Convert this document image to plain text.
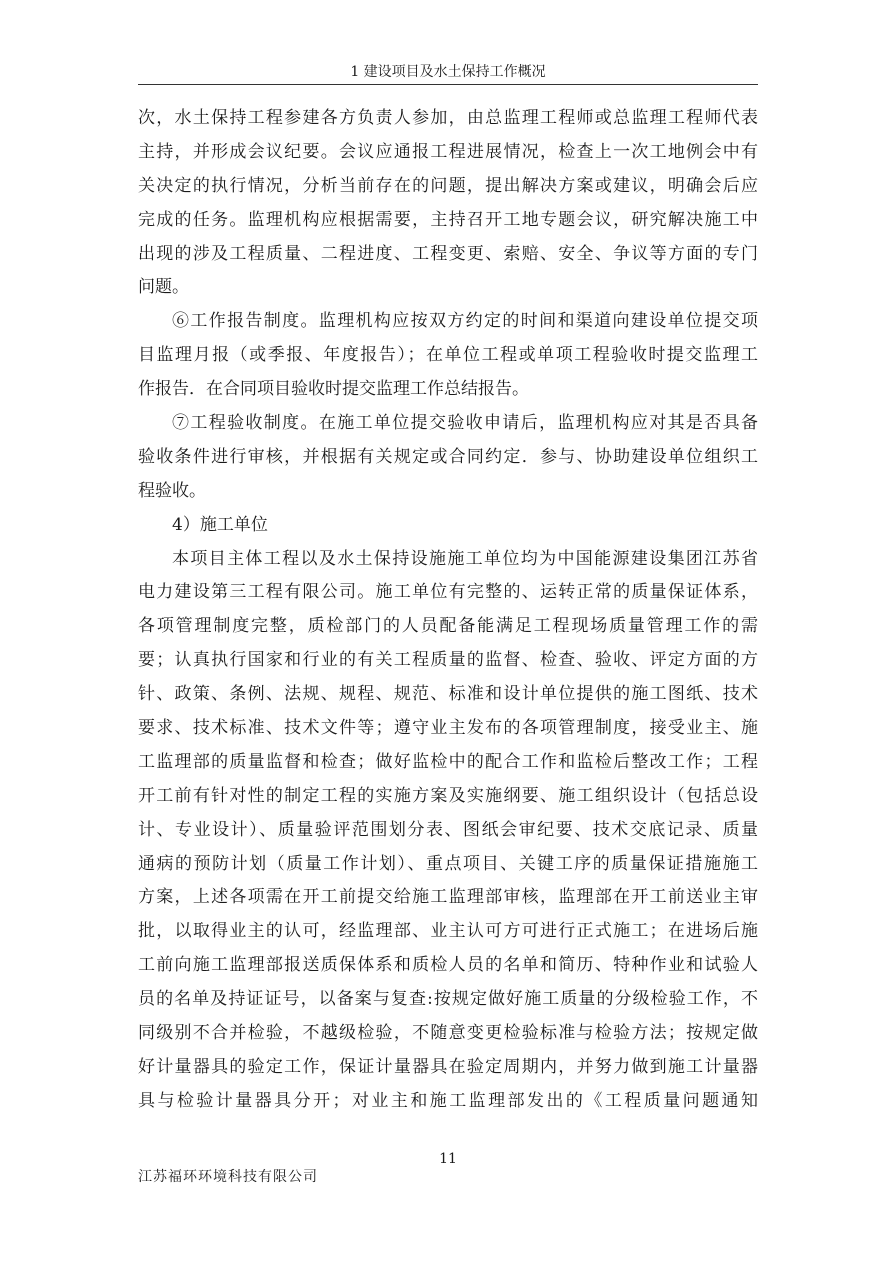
1 建设项目及水土保持工作概况
次，水土保持工程参建各方负责人参加，由总监理工程师或总监理工程师代表
主持，并形成会议纪要。会议应通报工程进展情况，检查上一次工地例会中有
关决定的执行情况，分析当前存在的问题，提出解决方案或建议，明确会后应
完成的任务。监理机构应根据需要，主持召开工地专题会议，研究解决施工中
出现的涉及工程质量、二程进度、工程变更、索赔、安全、争议等方面的专门
问题。
⑥工作报告制度。监理机构应按双方约定的时间和渠道向建设单位提交项
目监理月报（或季报、年度报告）；在单位工程或单项工程验收时提交监理工
作报告．在合同项目验收时提交监理工作总结报告。
⑦工程验收制度。在施工单位提交验收申请后，监理机构应对其是否具备
验收条件进行审核，并根据有关规定或合同约定．参与、协助建设单位组织工
程验收。
4）施工单位
本项目主体工程以及水土保持设施施工单位均为中国能源建设集团江苏省
电力建设第三工程有限公司。施工单位有完整的、运转正常的质量保证体系，
各项管理制度完整，质检部门的人员配备能满足工程现场质量管理工作的需
要；认真执行国家和行业的有关工程质量的监督、检查、验收、评定方面的方
针、政策、条例、法规、规程、规范、标准和设计单位提供的施工图纸、技术
要求、技术标准、技术文件等；遵守业主发布的各项管理制度，接受业主、施
工监理部的质量监督和检查；做好监检中的配合工作和监检后整改工作；工程
开工前有针对性的制定工程的实施方案及实施纲要、施工组织设计（包括总设
计、专业设计）、质量验评范围划分表、图纸会审纪要、技术交底记录、质量
通病的预防计划（质量工作计划）、重点项目、关键工序的质量保证措施施工
方案，上述各项需在开工前提交给施工监理部审核，监理部在开工前送业主审
批，以取得业主的认可，经监理部、业主认可方可进行正式施工；在进场后施
工前向施工监理部报送质保体系和质检人员的名单和简历、特种作业和试验人
员的名单及持证证号，以备案与复查:按规定做好施工质量的分级检验工作，不
同级别不合并检验，不越级检验，不随意变更检验标准与检验方法；按规定做
好计量器具的验定工作，保证计量器具在验定周期内，并努力做到施工计量器
具与检验计量器具分开；对业主和施工监理部发出的《工程质量问题通知
11
江苏福环环境科技有限公司
